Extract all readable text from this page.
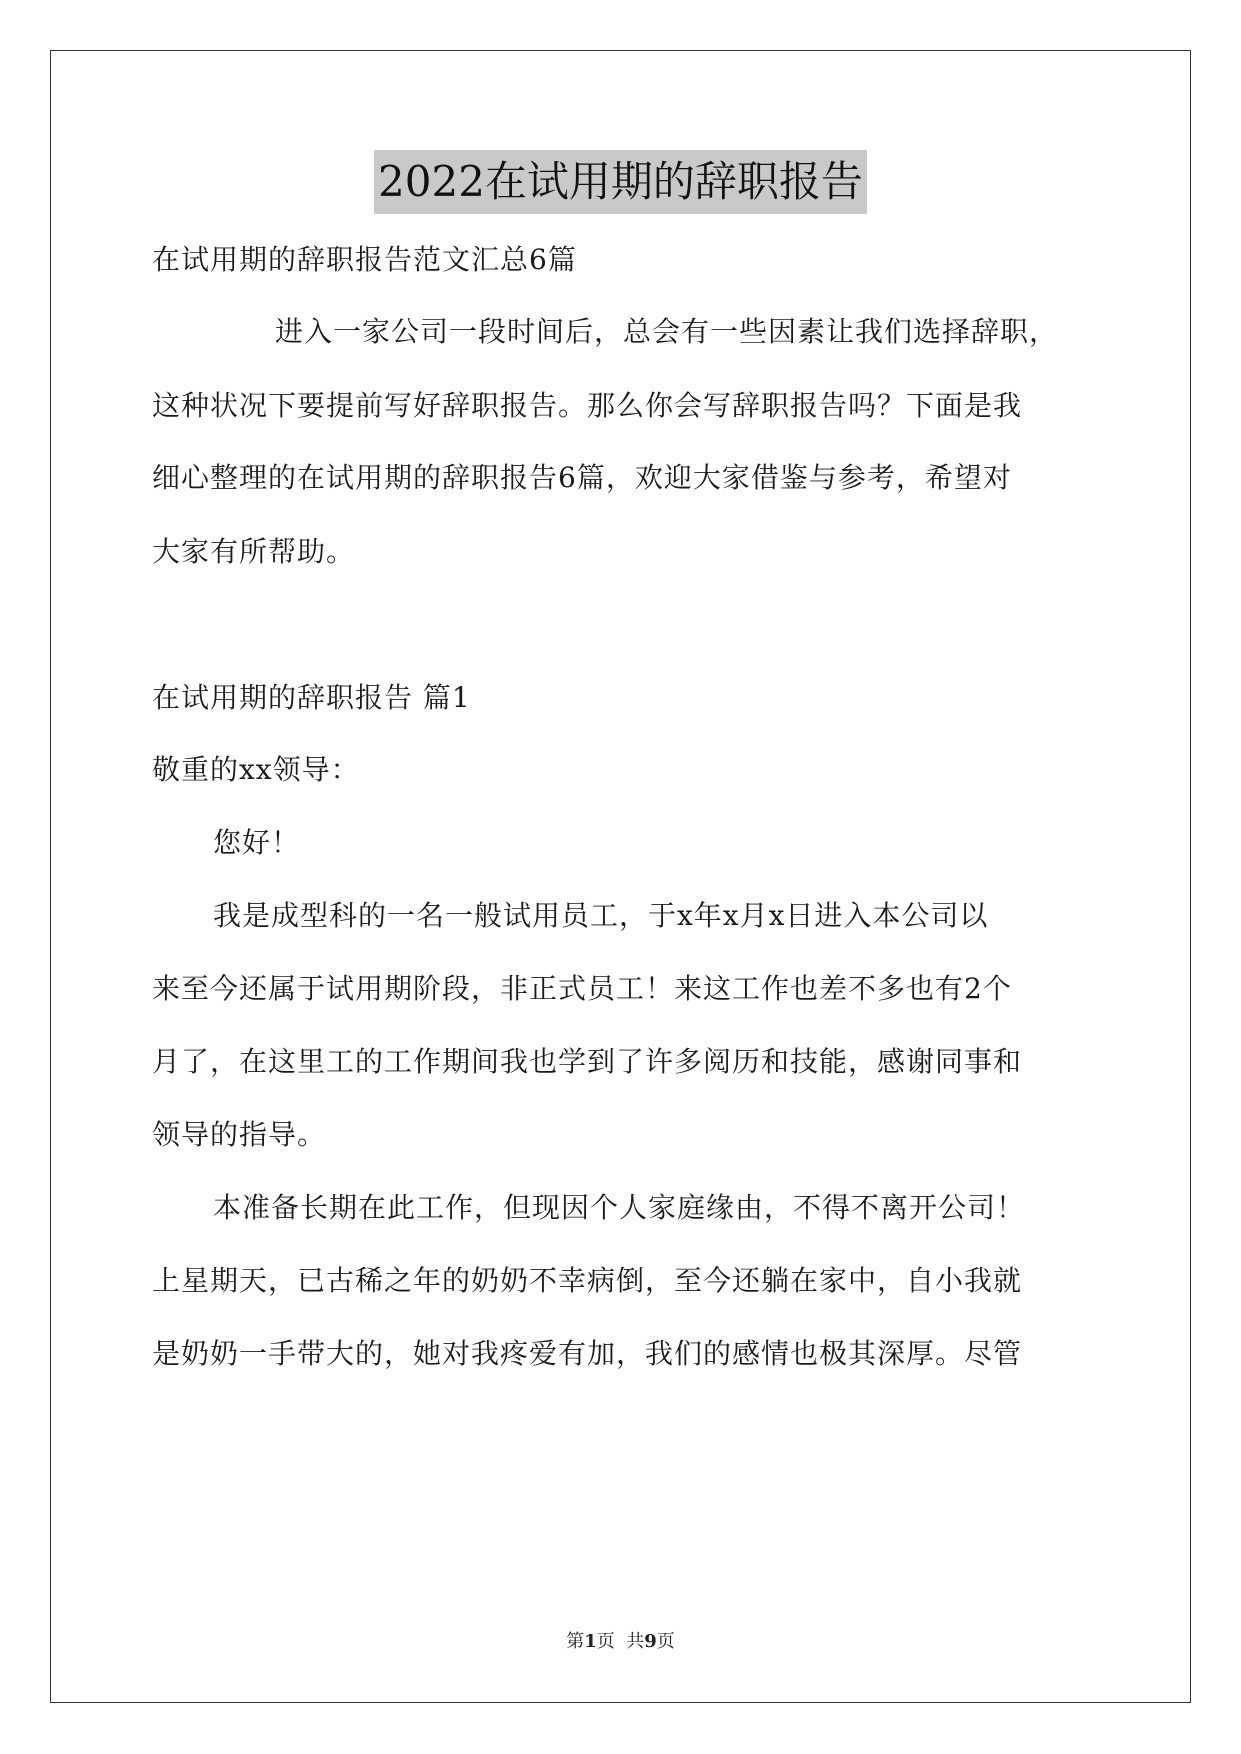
2022在试用期的辞职报告
在试用期的辞职报告范文汇总6篇
进入一家公司一段时间后，总会有一些因素让我们选择辞职，
这种状况下要提前写好辞职报告。那么你会写辞职报告吗？下面是我
细心整理的在试用期的辞职报告6篇，欢迎大家借鉴与参考，希望对
大家有所帮助。
在试用期的辞职报告 篇1
敬重的xx领导：
您好！
我是成型科的一名一般试用员工，于x年x月x日进入本公司以
来至今还属于试用期阶段，非正式员工！来这工作也差不多也有2个
月了，在这里工的工作期间我也学到了许多阅历和技能，感谢同事和
领导的指导。
本准备长期在此工作，但现因个人家庭缘由，不得不离开公司！
上星期天，已古稀之年的奶奶不幸病倒，至今还躺在家中，自小我就
是奶奶一手带大的，她对我疼爱有加，我们的感情也极其深厚。尽管
第1页  共9页
